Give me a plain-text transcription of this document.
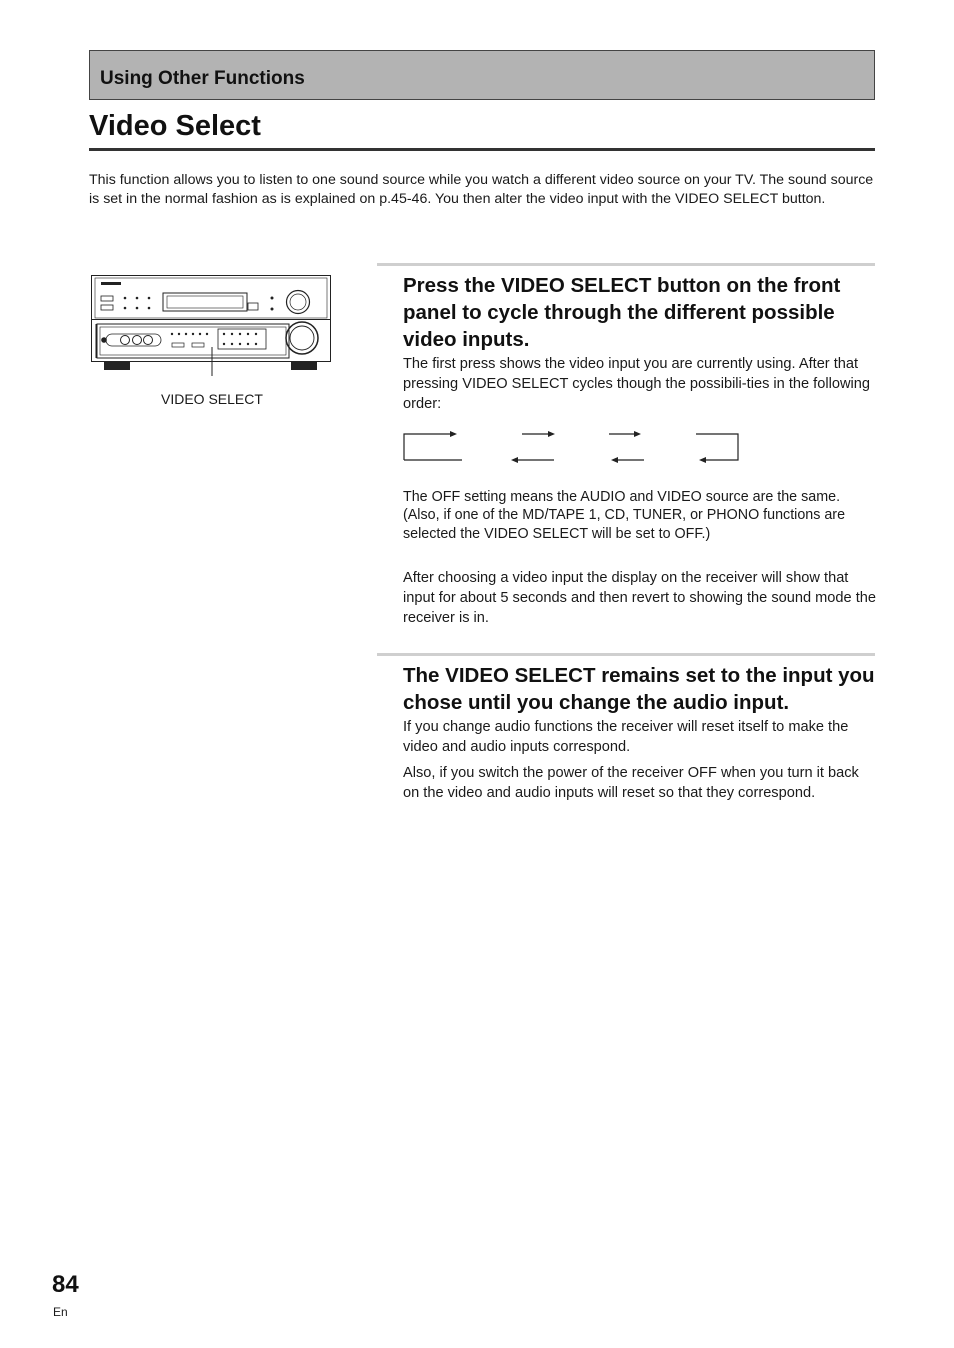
Using Other Functions
Video Select

This function allows you to listen to one sound source while you watch a different video source on your TV. The sound source is set in the normal fashion as is explained on p.45-46. You then alter the video input with the VIDEO SELECT button.

VIDEO SELECT
Press the VIDEO SELECT button on the front panel to cycle through the different possible video inputs.

The first press shows the video input you are currently using. After that pressing VIDEO SELECT cycles though the possibili-ties in the following order:

The OFF setting means the AUDIO and VIDEO source are the same. (Also, if one of the MD/TAPE 1, CD, TUNER, or PHONO functions are selected the VIDEO SELECT will be set to OFF.)

After choosing a video input the display on the receiver will show that input for about 5 seconds and then revert to showing the sound mode the receiver is in.

The VIDEO SELECT remains set to the input you chose until you change the audio input.

If you change audio functions the receiver will reset itself to make the video and audio inputs correspond.

Also, if you switch the power of the receiver OFF when you turn it back on the video and audio inputs will reset so that they correspond.

84
En
